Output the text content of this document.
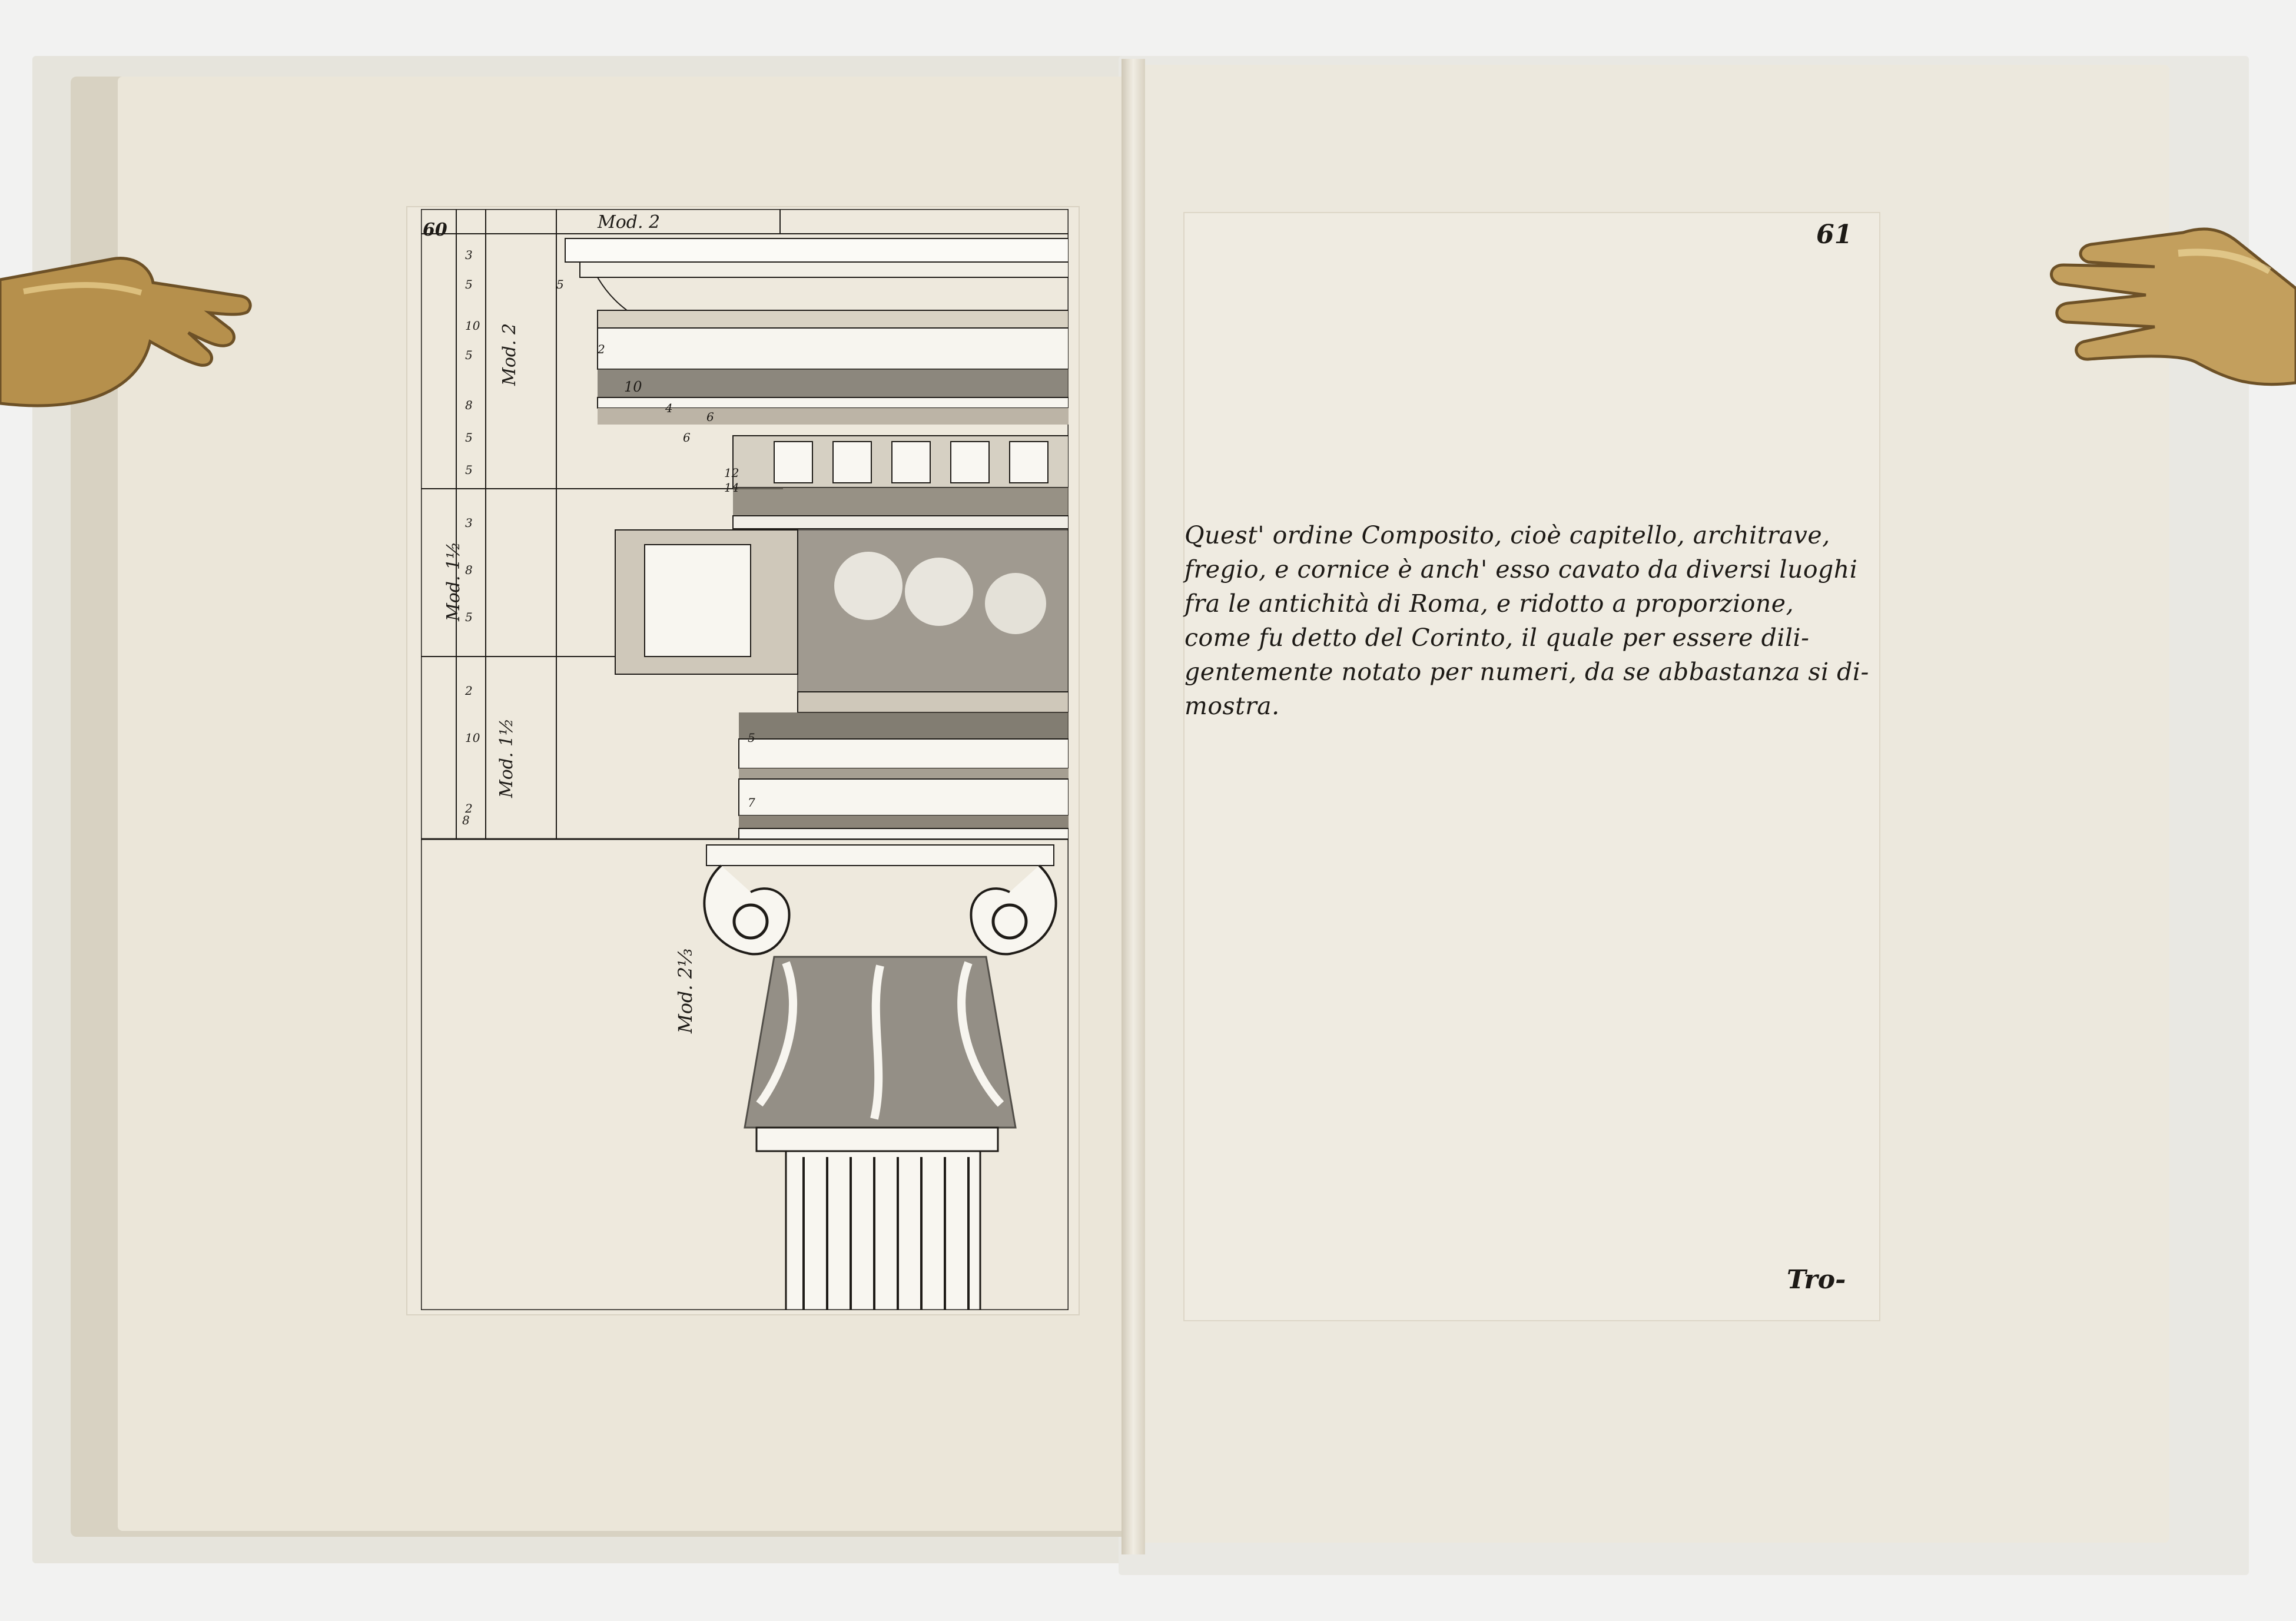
Mod. 2
Mod. 2
Mod. 1½
Mod. 1½
Mod. 2⅓
3
5
10
5
8
5
5
3
8
5
2
10
2
5
2
10
4
6
6
12
14
5
7
8
60	61
Quest' ordine Composito, cioè capitello, architrave,
fregio, e cornice è anch' esso cavato da diversi luoghi
fra le antichità di Roma, e ridotto a proporzione,
come fu detto del Corinto, il quale per essere dili-
gentemente notato per numeri, da se abbastanza si di-
mostra.
Tro-
